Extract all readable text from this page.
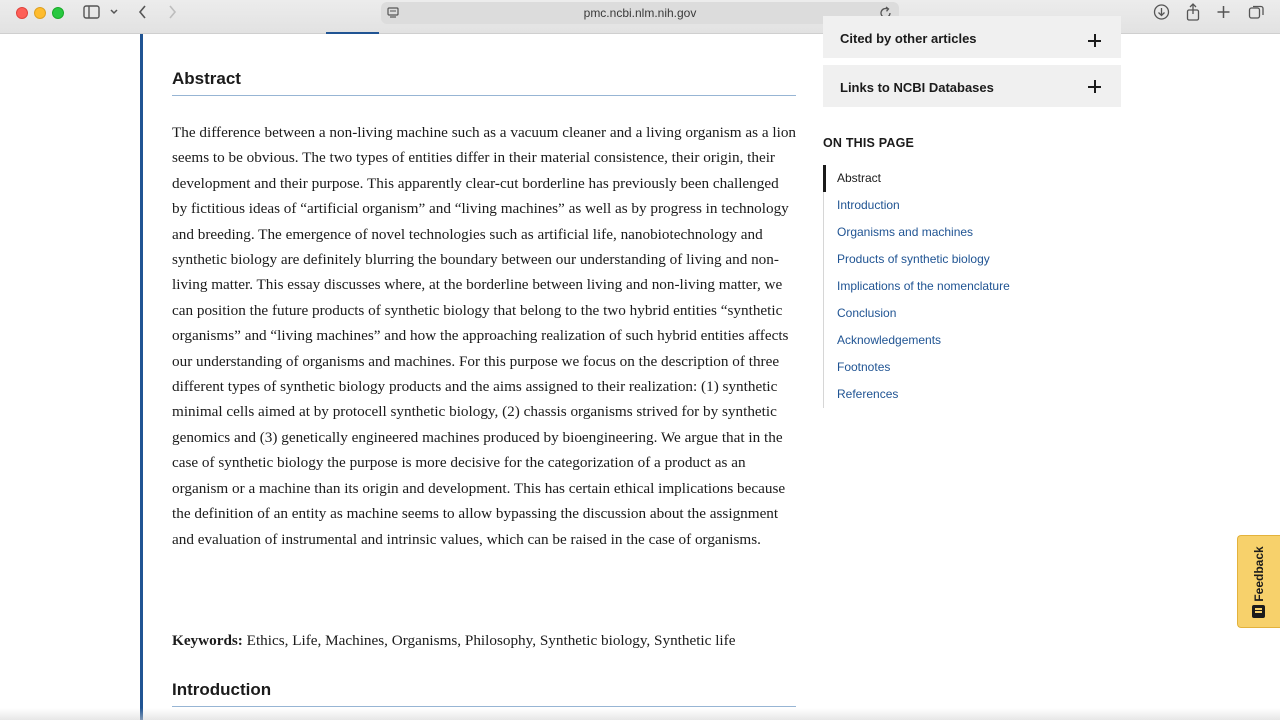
pmc.ncbi.nlm.nih.gov
Abstract

The difference between a non-living machine such as a vacuum cleaner and a living organism as a lion seems to be obvious. The two types of entities differ in their material consistence, their origin, their development and their purpose. This apparently clear-cut borderline has previously been challenged by fictitious ideas of “artificial organism” and “living machines” as well as by progress in technology and breeding. The emergence of novel technologies such as artificial life, nanobiotechnology and synthetic biology are definitely blurring the boundary between our understanding of living and non-living matter. This essay discusses where, at the borderline between living and non-living matter, we can position the future products of synthetic biology that belong to the two hybrid entities “synthetic organisms” and “living machines” and how the approaching realization of such hybrid entities affects our understanding of organisms and machines. For this purpose we focus on the description of three different types of synthetic biology products and the aims assigned to their realization: (1) synthetic minimal cells aimed at by protocell synthetic biology, (2) chassis organisms strived for by synthetic genomics and (3) genetically engineered machines produced by bioengineering. We argue that in the case of synthetic biology the purpose is more decisive for the categorization of a product as an organism or a machine than its origin and development. This has certain ethical implications because the definition of an entity as machine seems to allow bypassing the discussion about the assignment and evaluation of instrumental and intrinsic values, which can be raised in the case of organisms.

Keywords: Ethics, Life, Machines, Organisms, Philosophy, Synthetic biology, Synthetic life

Introduction
Cited by other articles
Links to NCBI Databases
ON THIS PAGE
Abstract
Introduction
Organisms and machines
Products of synthetic biology
Implications of the nomenclature
Conclusion
Acknowledgements
Footnotes
References
Feedback
